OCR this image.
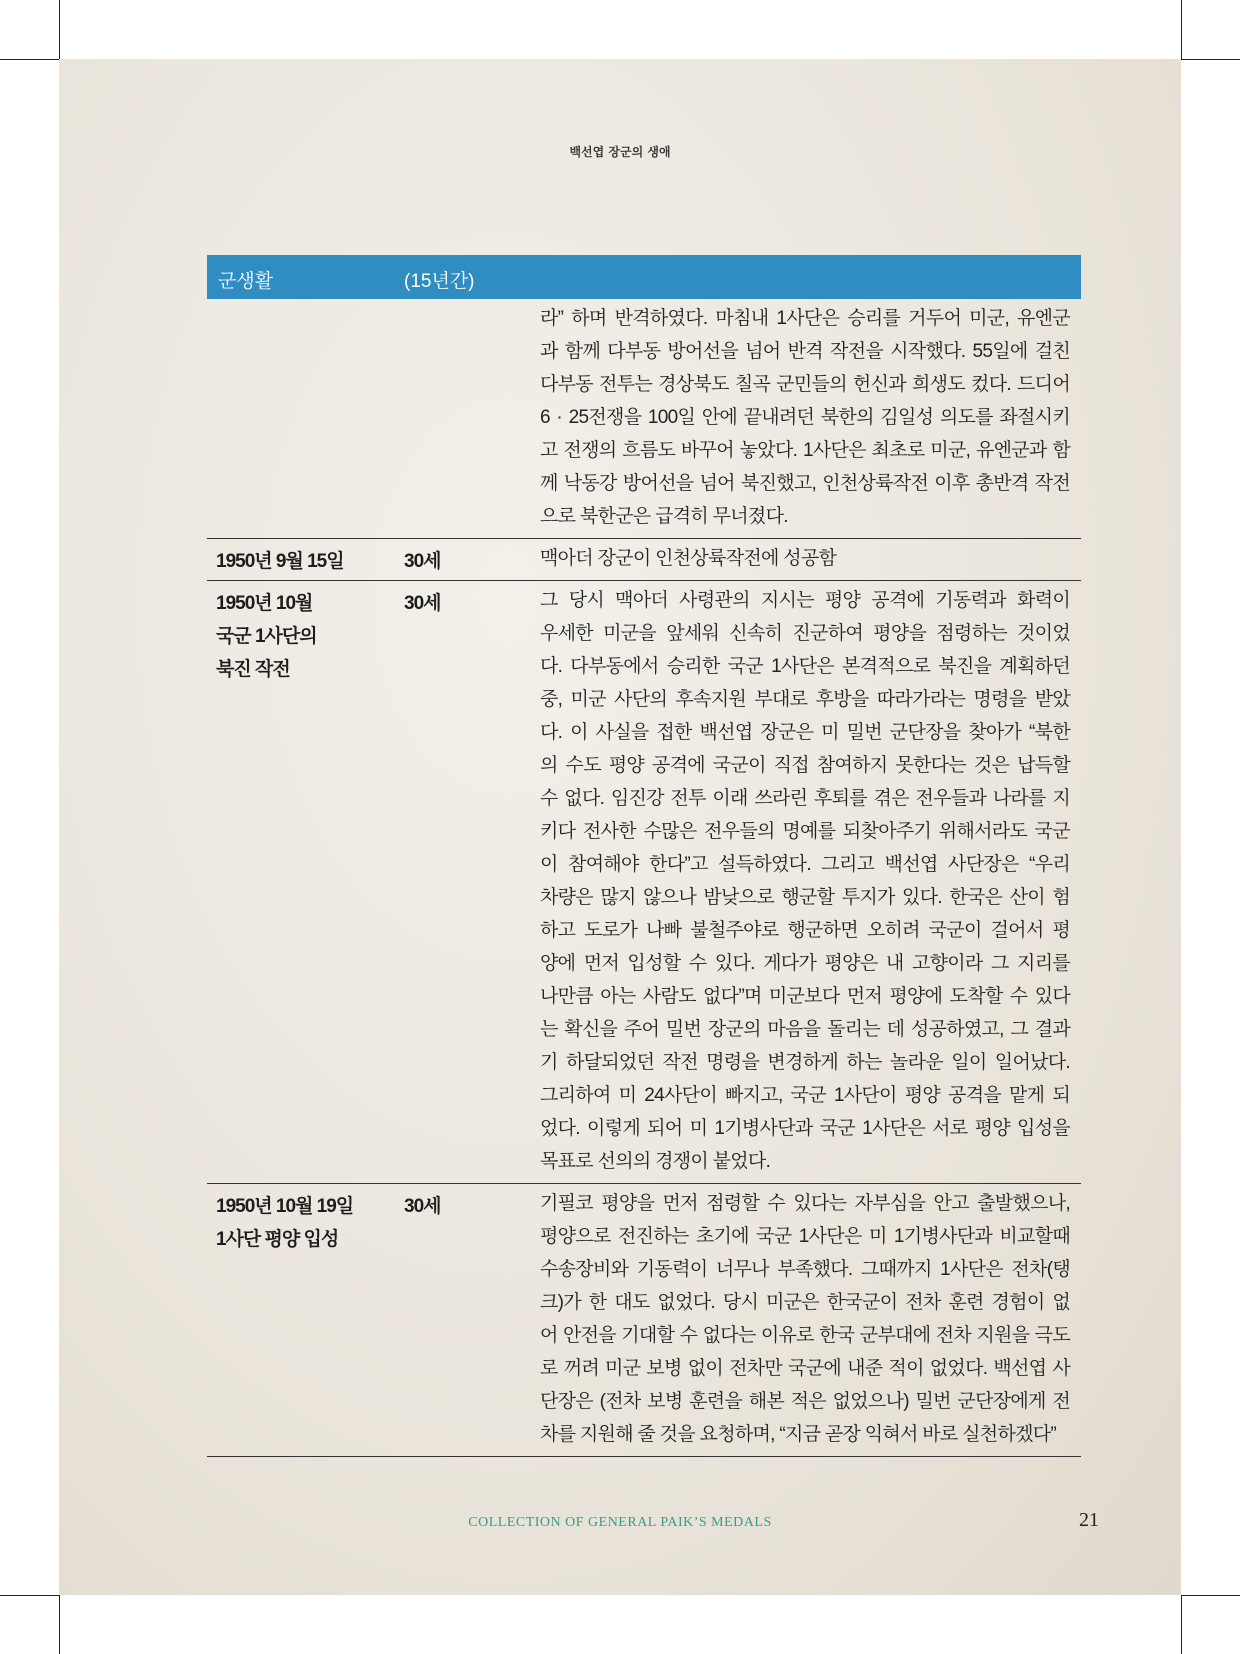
백선엽 장군의 생애
군생활	(15년간)
라” 하며 반격하였다. 마침내 1사단은 승리를 거두어 미군, 유엔군
과 함께 다부동 방어선을 넘어 반격 작전을 시작했다. 55일에 걸친
다부동 전투는 경상북도 칠곡 군민들의 헌신과 희생도 컸다. 드디어
6 · 25전쟁을 100일 안에 끝내려던 북한의 김일성 의도를 좌절시키
고 전쟁의 흐름도 바꾸어 놓았다. 1사단은 최초로 미군, 유엔군과 함
께 낙동강 방어선을 넘어 북진했고, 인천상륙작전 이후 총반격 작전
으로 북한군은 급격히 무너졌다.
1950년 9월 15일	30세	맥아더 장군이 인천상륙작전에 성공함
1950년 10월
국군 1사단의
북진 작전
30세	그 당시 맥아더 사령관의 지시는 평양 공격에 기동력과 화력이
우세한 미군을 앞세워 신속히 진군하여 평양을 점령하는 것이었
다. 다부동에서 승리한 국군 1사단은 본격적으로 북진을 계획하던
중, 미군 사단의 후속지원 부대로 후방을 따라가라는 명령을 받았
다. 이 사실을 접한 백선엽 장군은 미 밀번 군단장을 찾아가 “북한
의 수도 평양 공격에 국군이 직접 참여하지 못한다는 것은 납득할
수 없다. 임진강 전투 이래 쓰라린 후퇴를 겪은 전우들과 나라를 지
키다 전사한 수많은 전우들의 명예를 되찾아주기 위해서라도 국군
이 참여해야 한다”고 설득하였다. 그리고 백선엽 사단장은 “우리
차량은 많지 않으나 밤낮으로 행군할 투지가 있다. 한국은 산이 험
하고 도로가 나빠 불철주야로 행군하면 오히려 국군이 걸어서 평
양에 먼저 입성할 수 있다. 게다가 평양은 내 고향이라 그 지리를
나만큼 아는 사람도 없다”며 미군보다 먼저 평양에 도착할 수 있다
는 확신을 주어 밀번 장군의 마음을 돌리는 데 성공하였고, 그 결과
기 하달되었던 작전 명령을 변경하게 하는 놀라운 일이 일어났다.
그리하여 미 24사단이 빠지고, 국군 1사단이 평양 공격을 맡게 되
었다. 이렇게 되어 미 1기병사단과 국군 1사단은 서로 평양 입성을
목표로 선의의 경쟁이 붙었다.
1950년 10월 19일
1사단 평양 입성
30세	기필코 평양을 먼저 점령할 수 있다는 자부심을 안고 출발했으나,
평양으로 전진하는 초기에 국군 1사단은 미 1기병사단과 비교할때
수송장비와 기동력이 너무나 부족했다. 그때까지 1사단은 전차(탱
크)가 한 대도 없었다. 당시 미군은 한국군이 전차 훈련 경험이 없
어 안전을 기대할 수 없다는 이유로 한국 군부대에 전차 지원을 극도
로 꺼려 미군 보병 없이 전차만 국군에 내준 적이 없었다. 백선엽 사
단장은 (전차 보병 훈련을 해본 적은 없었으나) 밀번 군단장에게 전
차를 지원해 줄 것을 요청하며, “지금 곧장 익혀서 바로 실천하겠다”
COLLECTION OF GENERAL PAIK’S MEDALS	21
